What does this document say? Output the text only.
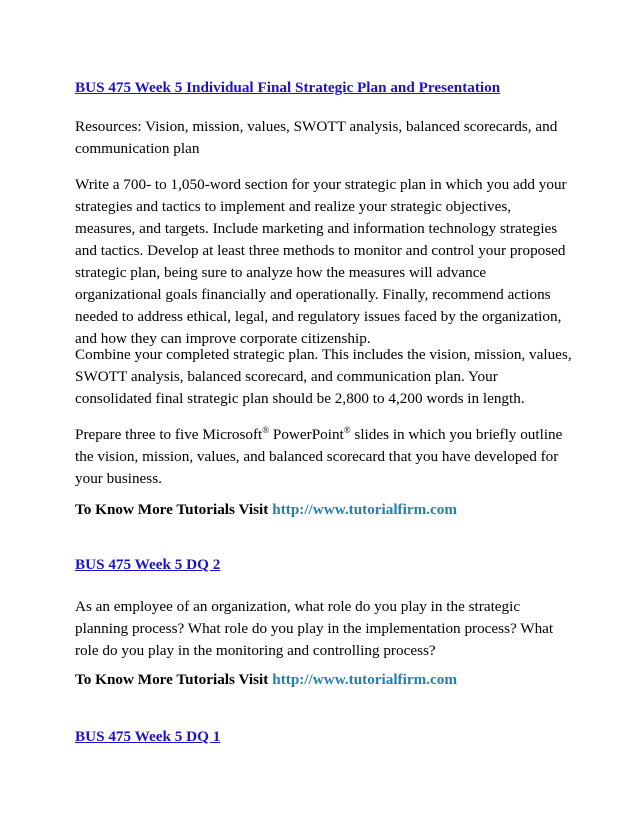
BUS 475 Week 5 Individual Final Strategic Plan and Presentation

Resources: Vision, mission, values, SWOTT analysis, balanced scorecards, and communication plan

Write a 700- to 1,050-word section for your strategic plan in which you add your strategies and tactics to implement and realize your strategic objectives, measures, and targets. Include marketing and information technology strategies and tactics. Develop at least three methods to monitor and control your proposed strategic plan, being sure to analyze how the measures will advance organizational goals financially and operationally. Finally, recommend actions needed to address ethical, legal, and regulatory issues faced by the organization, and how they can improve corporate citizenship.

Combine your completed strategic plan. This includes the vision, mission, values, SWOTT analysis, balanced scorecard, and communication plan. Your consolidated final strategic plan should be 2,800 to 4,200 words in length.

Prepare three to five Microsoft® PowerPoint® slides in which you briefly outline the vision, mission, values, and balanced scorecard that you have developed for your business.

To Know More Tutorials Visit http://www.tutorialfirm.com
BUS 475 Week 5 DQ 2

As an employee of an organization, what role do you play in the strategic planning process? What role do you play in the implementation process? What role do you play in the monitoring and controlling process?

To Know More Tutorials Visit http://www.tutorialfirm.com
BUS 475 Week 5 DQ 1
